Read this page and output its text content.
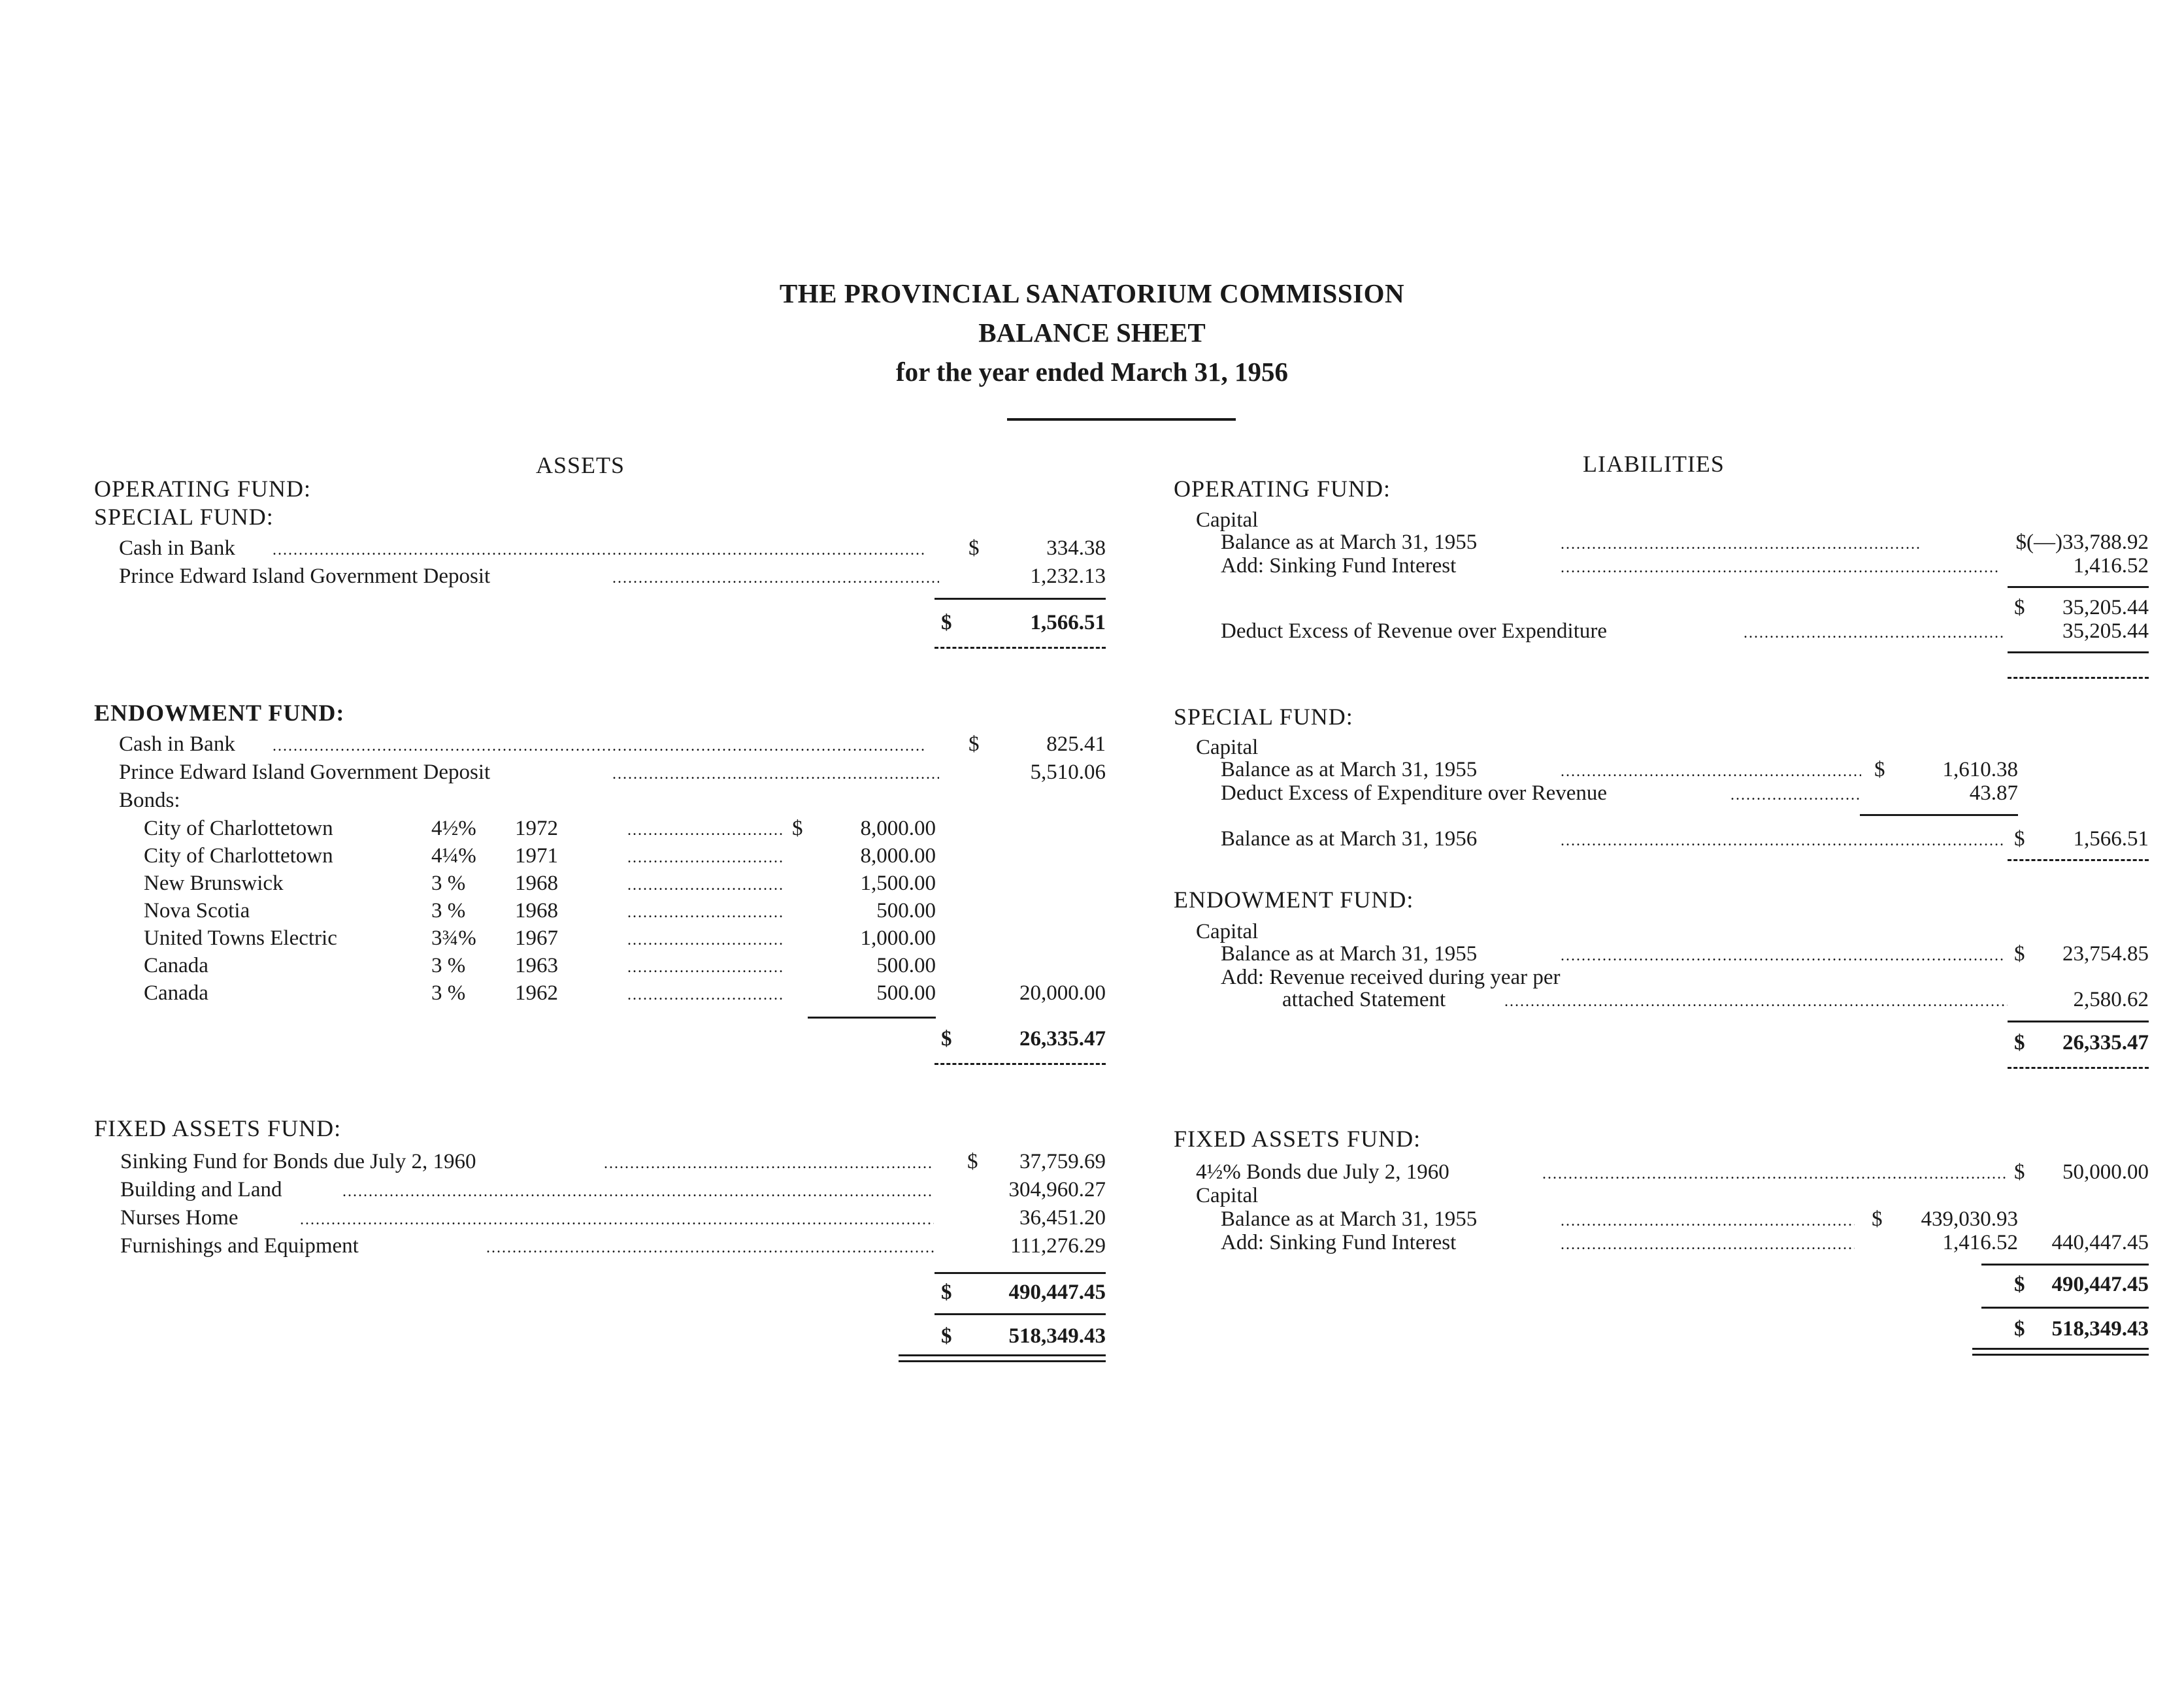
THE PROVINCIAL SANATORIUM COMMISSION
BALANCE SHEET
for the year ended March 31, 1956
ASSETS
OPERATING FUND:
SPECIAL FUND:
Cash in Bank .....	$	334.38
Prince Edward Island Government Deposit .....	1,232.13
$	1,566.51
ENDOWMENT FUND:
Cash in Bank .....	$	825.41
Prince Edward Island Government Deposit .....	5,510.06
Bonds:
City of Charlottetown	4½% 1972 .....	$	8,000.00
City of Charlottetown	4¼% 1971 .....	8,000.00
New Brunswick	3 % 1968 .....	1,500.00
Nova Scotia	3 % 1968 .....	500.00
United Towns Electric	3¾% 1967 .....	1,000.00
Canada	3 % 1963 .....	500.00
Canada	3 % 1962 .....	500.00	20,000.00
$	26,335.47
FIXED ASSETS FUND:
Sinking Fund for Bonds due July 2, 1960 .....	$	37,759.69
Building and Land .....	304,960.27
Nurses Home .....	36,451.20
Furnishings and Equipment .....	111,276.29
$	490,447.45
$	518,349.43
LIABILITIES
OPERATING FUND:
Capital
Balance as at March 31, 1955 .....	$(—)33,788.92
Add: Sinking Fund Interest .....	1,416.52
$	35,205.44
Deduct Excess of Revenue over Expenditure .....	35,205.44
SPECIAL FUND:
Capital
Balance as at March 31, 1955 .....	$	1,610.38
Deduct Excess of Expenditure over Revenue .....	43.87
Balance as at March 31, 1956 .....	$	1,566.51
ENDOWMENT FUND:
Capital
Balance as at March 31, 1955 .....	$	23,754.85
Add: Revenue received during year per
attached Statement .....	2,580.62
$	26,335.47
FIXED ASSETS FUND:
4½% Bonds due July 2, 1960 .....	$	50,000.00
Capital
Balance as at March 31, 1955 .....	$	439,030.93
Add: Sinking Fund Interest .....	1,416.52	440,447.45
$	490,447.45
$	518,349.43
